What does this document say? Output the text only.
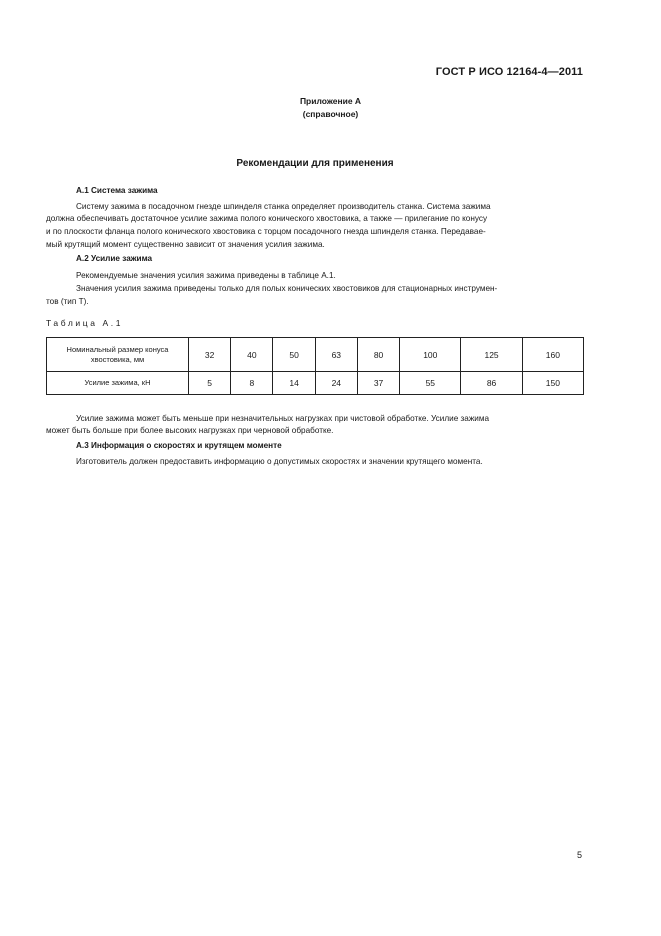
ГОСТ Р ИСО 12164-4—2011
Приложение А
(справочное)
Рекомендации для применения
А.1 Система зажима
Систему зажима в посадочном гнезде шпинделя станка определяет производитель станка. Система зажима
должна обеспечивать достаточное усилие зажима полого конического хвостовика, а также — прилегание по конусу
и по плоскости фланца полого конического хвостовика с торцом посадочного гнезда шпинделя станка. Передавае-
мый крутящий момент существенно зависит от значения усилия зажима.
А.2 Усилие зажима
Рекомендуемые значения усилия зажима приведены в таблице А.1.
Значения усилия зажима приведены только для полых конических хвостовиков для стационарных инструмен-
тов (тип Т).
Таблица А.1
Номинальный размер конуса хвостовика, мм	32	40	50	63	80	100	125	160
Усилие зажима, кН	5	8	14	24	37	55	86	150
Усилие зажима может быть меньше при незначительных нагрузках при чистовой обработке. Усилие зажима
может быть больше при более высоких нагрузках при черновой обработке.
А.3 Информация о скоростях и крутящем моменте
Изготовитель должен предоставить информацию о допустимых скоростях и значении крутящего момента.
5
